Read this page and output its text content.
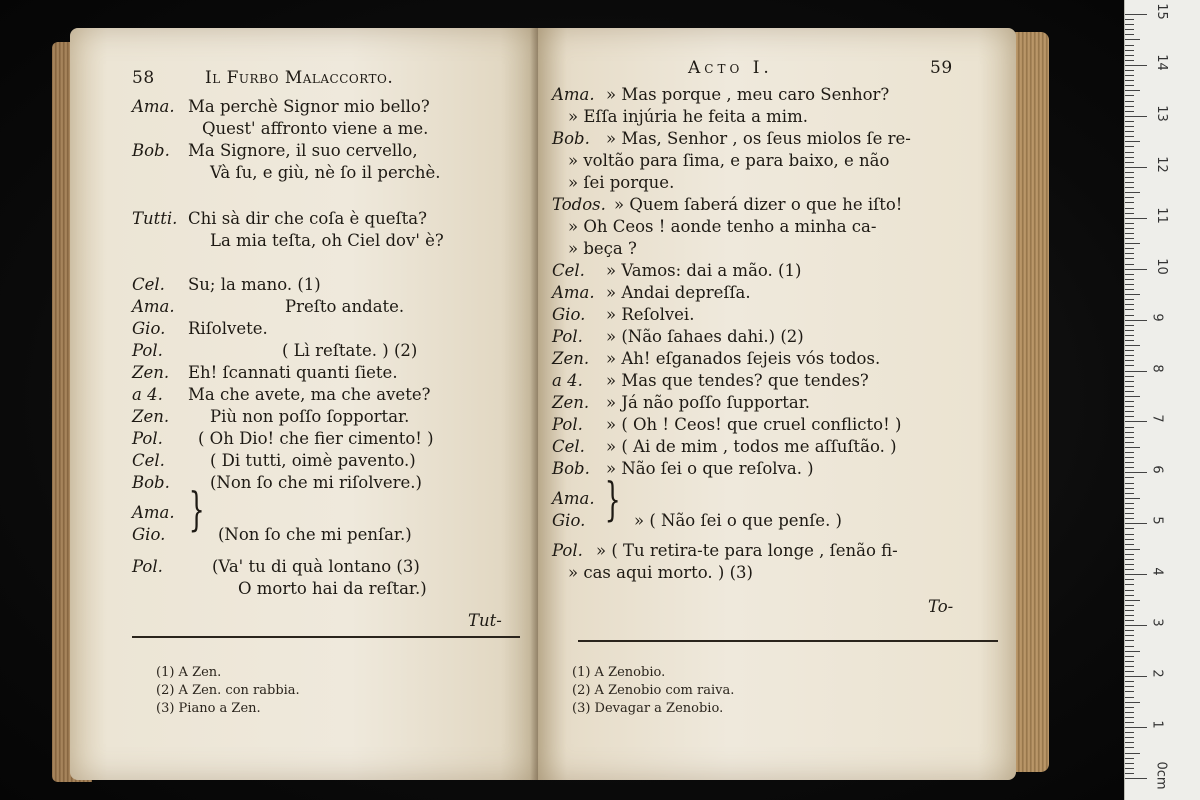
58	Il Furbo Malaccorto.
Ama. Ma perchè Signor mio bello?
Quest' affronto viene a me.
Bob. Ma Signore, il suo cervello,
Và ſu, e giù, nè ſo il perchè.
Tutti. Chi sà dir che coſa è queſta?
La mia teſta, oh Ciel dov' è?
Cel. Su; la mano. (1)
Ama.	Preſto andate.
Gio. Riſolvete.
Pol.	( Lì reſtate. ) (2)
Zen. Eh! ſcannati quanti ſiete.
a 4. Ma che avete, ma che avete?
Zen. Più non poſſo ſopportar.
Pol. ( Oh Dio! che fier cimento! )
Cel.	( Di tutti, oimè pavento.)
Bob. (Non ſo che mi riſolvere.)
Ama.
Gio.	(Non ſo che mi penſar.)
}
Pol.	(Va' tu di quà lontano (3)
O morto hai da reſtar.)
Tut-
(1) A Zen.
(2) A Zen. con rabbia.
(3) Piano a Zen.
Acto I.	59
Ama. » Mas porque , meu caro Senhor?
» Eſſa injúria he feita a mim.
Bob. » Mas, Senhor , os ſeus miolos ſe re-
» voltão para ſima, e para baixo, e não
» ſei porque.
Todos. » Quem ſaberá dizer o que he iſto!
» Oh Ceos ! aonde tenho a minha ca-
» beça ?
Cel. » Vamos: dai a mão. (1)
Ama. » Andai depreſſa.
Gio. » Reſolvei.
Pol. » (Não ſahaes dahi.) (2)
Zen. » Ah! eſganados ſejeis vós todos.
a 4. » Mas que tendes? que tendes?
Zen. » Já não poſſo ſupportar.
Pol. » ( Oh ! Ceos! que cruel conflicto! )
Cel. » ( Ai de mim , todos me aſſuſtão. )
Bob. » Não ſei o que reſolva. )
Ama.
Gio.	» ( Não ſei o que penſe. )
}
Pol. » ( Tu retira-te para longe , ſenão fi-
» cas aqui morto. ) (3)
To-
(1) A Zenobio.
(2) A Zenobio com raiva.
(3) Devagar a Zenobio.
0cm
1
2
3
4
5
6
7
8
9
10
11
12
13
14
15
